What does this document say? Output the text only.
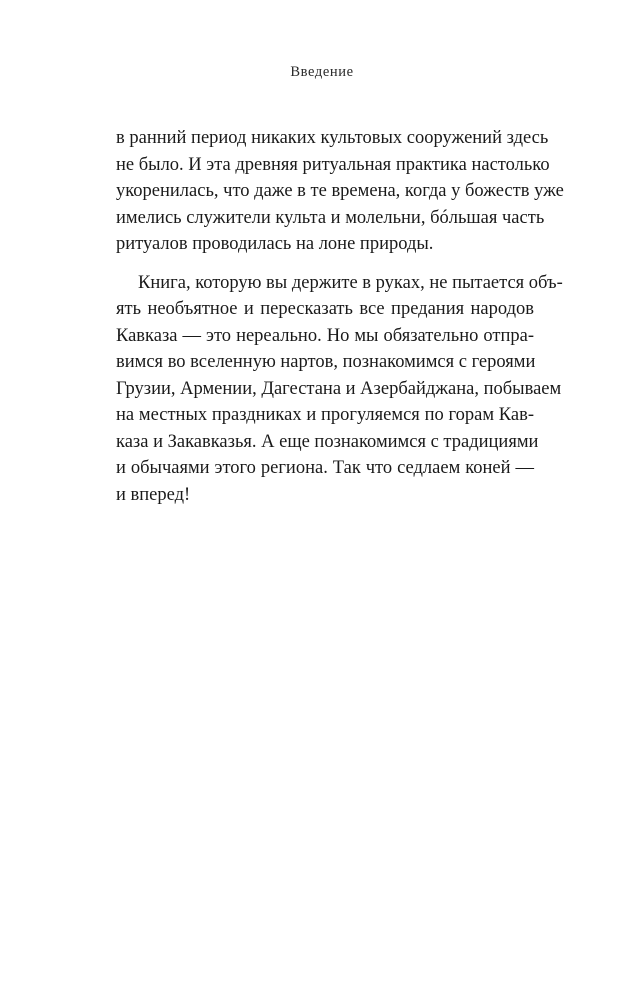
Введение
в ранний период никаких культовых сооружений здесь
не было. И эта древняя ритуальная практика настолько
укоренилась, что даже в те времена, когда у божеств уже
имелись служители культа и молельни, бóльшая часть
ритуалов проводилась на лоне природы.
Книга, которую вы держите в руках, не пытается объ-
ять необъятное и пересказать все предания народов
Кавказа — это нереально. Но мы обязательно отпра-
вимся во вселенную нартов, познакомимся с героями
Грузии, Армении, Дагестана и Азербайджана, побываем
на местных праздниках и прогуляемся по горам Кав-
каза и Закавказья. А еще познакомимся с традициями
и обычаями этого региона. Так что седлаем коней —
и вперед!
